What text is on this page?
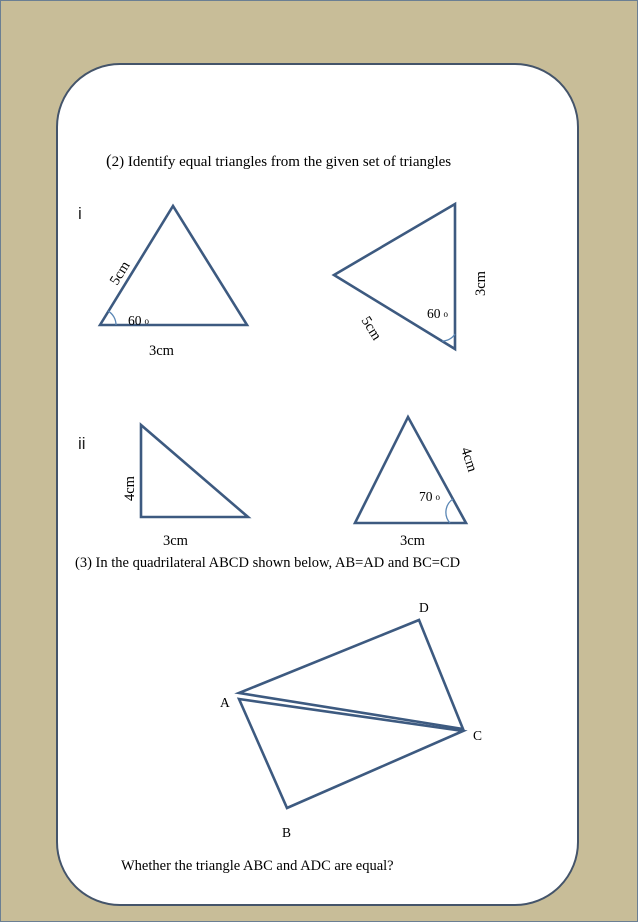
(2) Identify equal triangles from the given set of triangles
i
ii
5cm
60 o
3cm
3cm
5cm
60 o
4cm
3cm
4cm
70 o
3cm
D
A
C
B
(3) In the quadrilateral ABCD shown below, AB=AD and BC=CD
Whether the triangle ABC and ADC are equal?
